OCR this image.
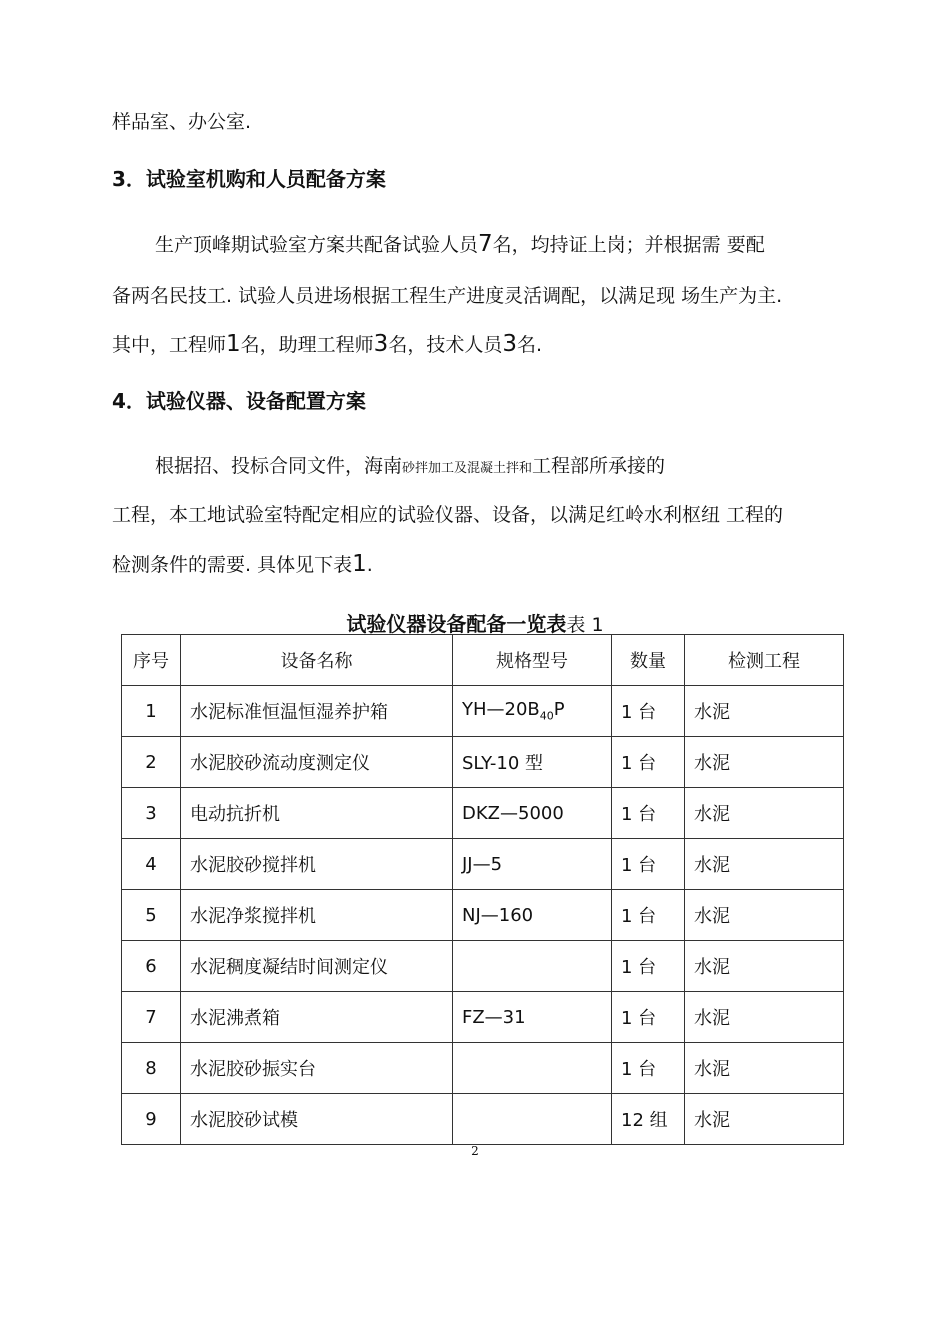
样品室、办公室.
3．试验室机购和人员配备方案
生产顶峰期试验室方案共配备试验人员7名，均持证上岗；并根据需 要配
备两名民技工. 试验人员进场根据工程生产进度灵活调配，以满足现 场生产为主.
其中，工程师1名，助理工程师3名，技术人员3名.
4．试验仪器、设备配置方案
根据招、投标合同文件，海南砂拌加工及混凝土拌和工程部所承接的
工程，本工地试验室特配定相应的试验仪器、设备，以满足红岭水利枢纽 工程的
检测条件的需要. 具体见下表1.
试验仪器设备配备一览表表 1
序号	设备名称	规格型号	数量	检测工程
1	水泥标准恒温恒湿养护箱	$YH—20B_{40}P$	1 台	水泥
2	水泥胶砂流动度测定仪	SLY-10 型	1 台	水泥
3	电动抗折机	DKZ—5000	1 台	水泥
4	水泥胶砂搅拌机	JJ—5	1 台	水泥
5	水泥净浆搅拌机	NJ—160	1 台	水泥
6	水泥稠度凝结时间测定仪		1 台	水泥
7	水泥沸煮箱	FZ—31	1 台	水泥
8	水泥胶砂振实台		1 台	水泥
9	水泥胶砂试模		12 组	水泥
2
